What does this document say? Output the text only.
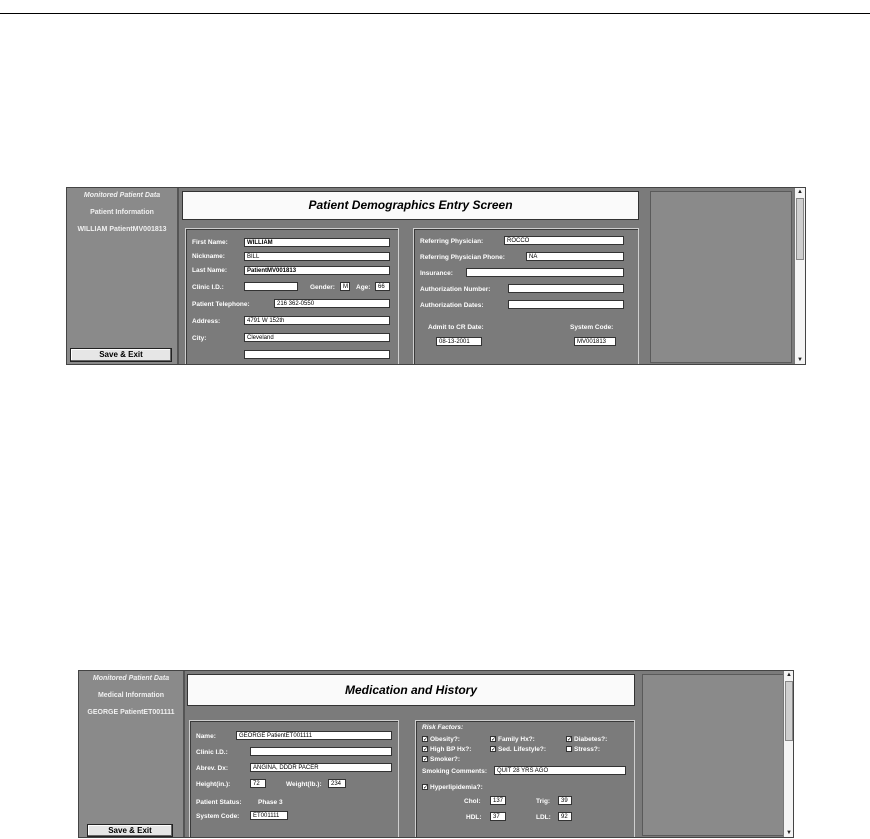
Monitored Patient Data
Patient Information
WILLIAM PatientMV001813
Save & Exit
Patient Demographics Entry Screen
First Name:	WILLIAM
Nickname:	BILL
Last Name:	PatientMV001813
Clinic I.D.:	Gender:	M	Age:	66
Patient Telephone:	216 362-0550
Address:	4791 W 152th
City:	Cleveland
Referring Physician:	ROCCO
Referring Physician Phone:	NA
Insurance:
Authorization Number:
Authorization Dates:
Admit to CR Date:
08-13-2001
System Code:
MV001813
▲
▼
Monitored Patient Data
Medical Information
GEORGE PatientET001111
Save & Exit
Medication and History
Name:	GEORGE PatientET001111
Clinic I.D.:
Abrev. Dx:	ANGINA, DDDR PACER
Height(in.):	72	Weight(lb.):	234
Patient Status:	Phase 3
System Code:	ET001111
Risk Factors:
✓ Obesity?:	✓ Family Hx?:	✓ Diabetes?:
✓ High BP Hx?:	✓ Sed. Lifestyle?:	Stress?:
✓ Smoker?:
Smoking Comments:	QUIT 28 YRS AGO
✓ Hyperlipidemia?:
Chol:	137	Trig:	39
HDL:	37	LDL:	92
▲
▼
